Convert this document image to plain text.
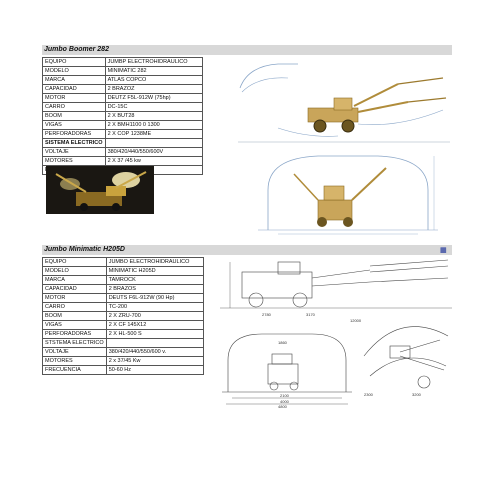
Jumbo Boomer 282
EQUIPO	JUMBP ELECTROHIDRAULICO
MODELO	MINIMATIC 282
MARCA	ATLAS COPCO
CAPACIDAD	2 BRAZOZ
MOTOR	DEUTZ F5L-912W (75hp)
CARRO	DC-15C
BOOM	2 X BUT28
VIGAS	2 X BMH1100 0 1300
PERFORADORAS	2 X COP 1238ME
SISTEMA ELECTRICO	
VOLTAJE	380/420/440/550/600V
MOTORES	2 X 37 /45 kw

Jumbo Minimatic H205D	▦
EQUIPO	JUMBO ELECTROHIDRAULICO
MODELO	MINIMATIC H205D
MARCA	TAMROCK
CAPACIDAD	2 BRAZOS
MOTOR	DEUTS F6L-912W (90 Hp)
CARRO	TC-200
BOOM	2 X ZRU-700
VIGAS	2 X CF 145X12
PERFORADORAS	2 X HL-500 S
STSTEMA ELECTRICO	
VOLTAJE	380/420/440/550/600 v.
MOTORES	2 x 37/45 Kw
FRECUENCIA	50-60 Hz
2780	3170
12000
1860
2100
4000
4800
2300	3200
